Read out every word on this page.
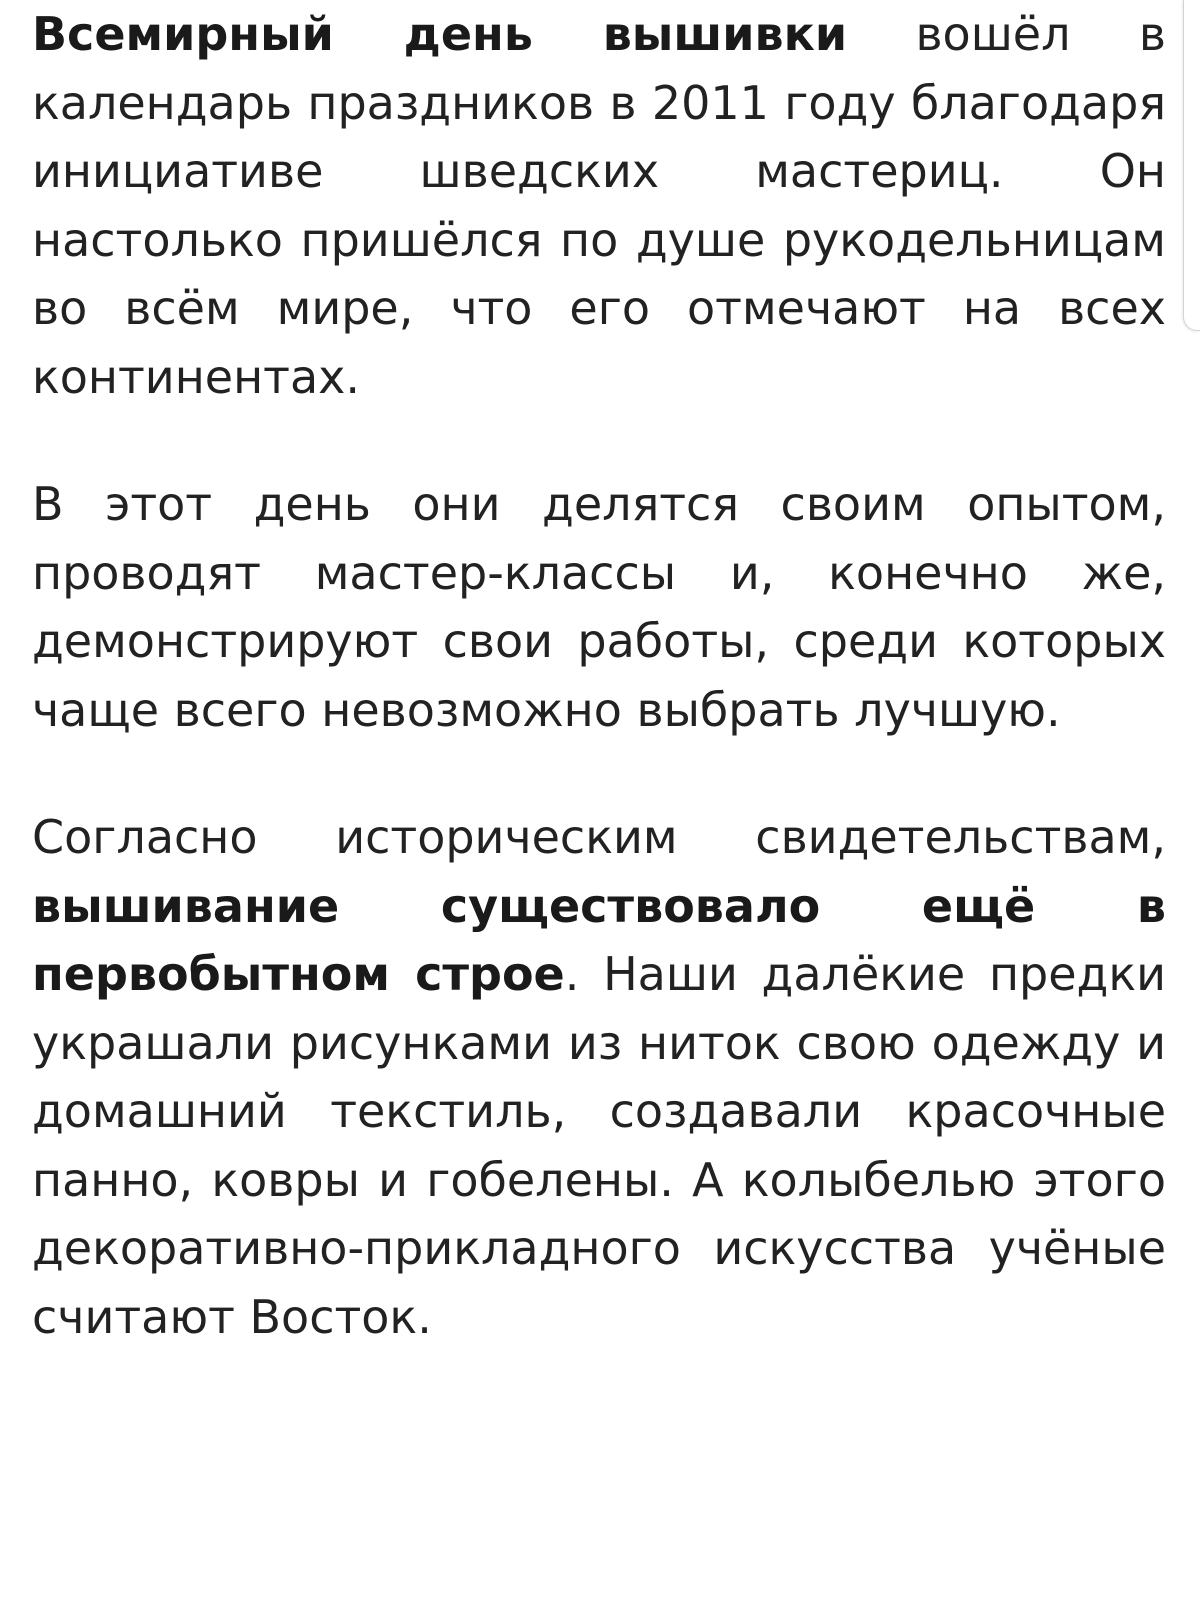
Всемирный день вышивки вошёл в календарь праздников в 2011 году благодаря инициативе шведских мастериц. Он настолько пришёлся по душе рукодельницам во всём мире, что его отмечают на всех континентах.

В этот день они делятся своим опытом, проводят мастер-классы и, конечно же, демонстрируют свои работы, среди которых чаще всего невозможно выбрать лучшую.

Согласно историческим свидетельствам, вышивание существовало ещё в первобытном строе. Наши далёкие предки украшали рисунками из ниток свою одежду и домашний текстиль, создавали красочные панно, ковры и гобелены. А колыбелью этого декоративно-прикладного искусства учёные считают Восток.
